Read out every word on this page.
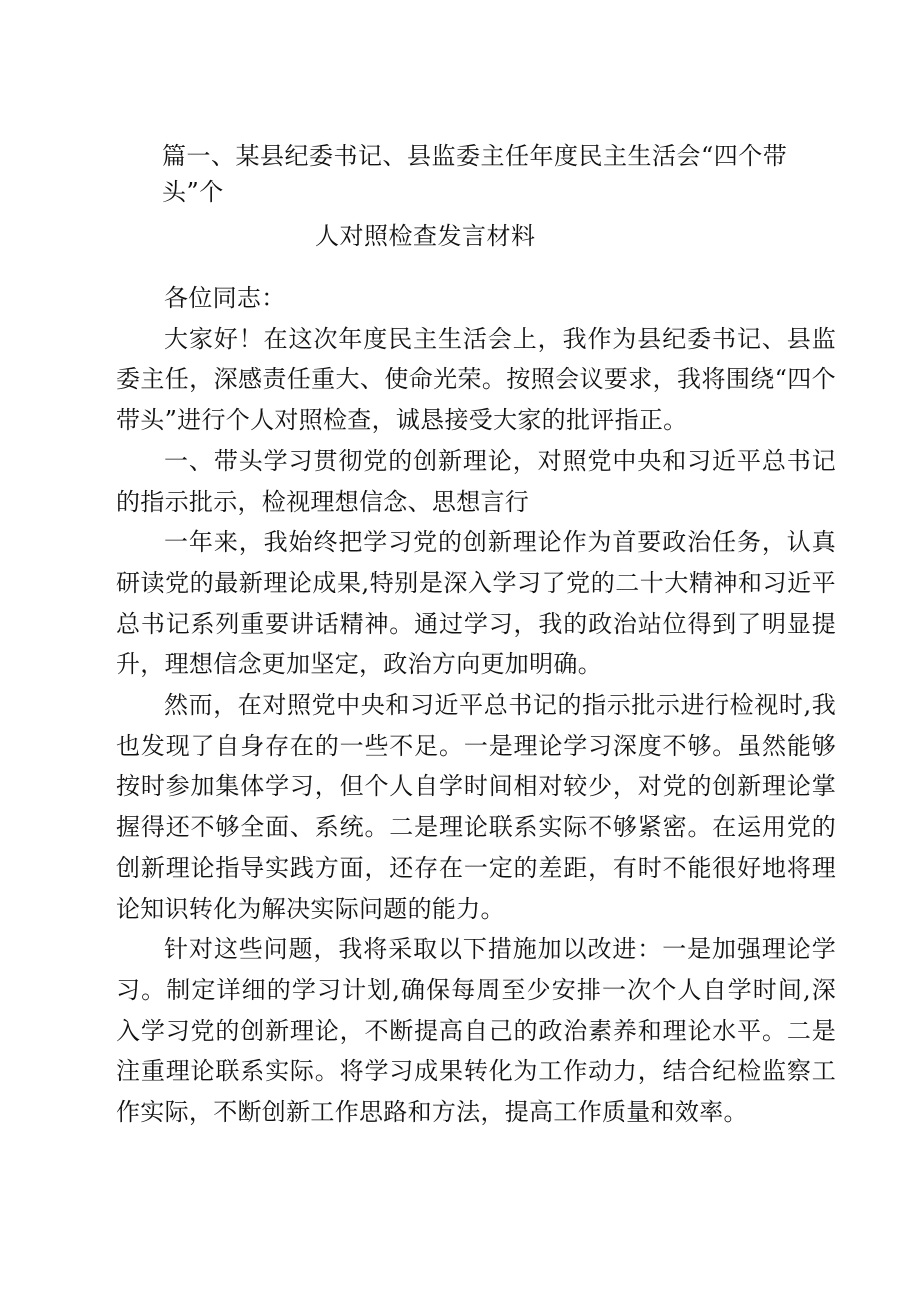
篇一、某县纪委书记、县监委主任年度民主生活会“四个带头”个
人对照检查发言材料

各位同志：

大家好！在这次年度民主生活会上，我作为县纪委书记、县监委主任，深感责任重大、使命光荣。按照会议要求，我将围绕“四个带头”进行个人对照检查，诚恳接受大家的批评指正。

一、带头学习贯彻党的创新理论，对照党中央和习近平总书记的指示批示，检视理想信念、思想言行

一年来，我始终把学习党的创新理论作为首要政治任务，认真研读党的最新理论成果,特别是深入学习了党的二十大精神和习近平总书记系列重要讲话精神。通过学习，我的政治站位得到了明显提升，理想信念更加坚定，政治方向更加明确。

然而，在对照党中央和习近平总书记的指示批示进行检视时,我也发现了自身存在的一些不足。一是理论学习深度不够。虽然能够按时参加集体学习，但个人自学时间相对较少，对党的创新理论掌握得还不够全面、系统。二是理论联系实际不够紧密。在运用党的创新理论指导实践方面，还存在一定的差距，有时不能很好地将理论知识转化为解决实际问题的能力。

针对这些问题，我将采取以下措施加以改进：一是加强理论学习。制定详细的学习计划,确保每周至少安排一次个人自学时间,深入学习党的创新理论，不断提高自己的政治素养和理论水平。二是注重理论联系实际。将学习成果转化为工作动力，结合纪检监察工作实际，不断创新工作思路和方法，提高工作质量和效率。
